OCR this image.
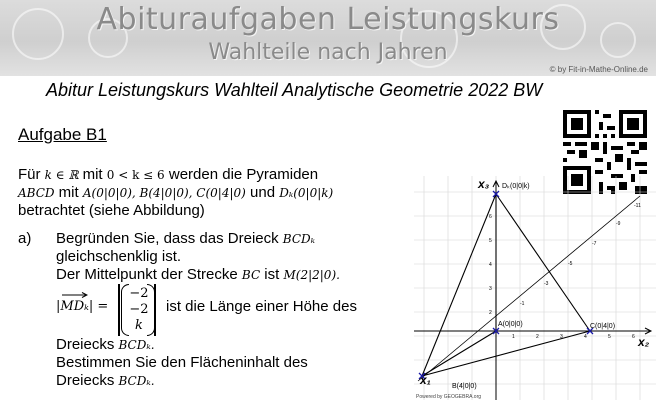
Abituraufgaben Leistungskurs
Wahlteile nach Jahren
© by Fit-in-Mathe-Online.de
Abitur Leistungskurs Wahlteil Analytische Geometrie 2022 BW
Aufgabe B1
Für k ∈ ℝ mit 0 < k ≤ 6 werden die Pyramiden
ABCD mit A(0|0|0), B(4|0|0), C(0|4|0) und Dₖ(0|0|k)
betrachtet (siehe Abbildung)
a) Begründen Sie, dass das Dreieck BCDₖ
gleichschenklig ist.
Der Mittelpunkt der Strecke BC ist M(2|2|0).
|MDₖ| =
−2
−2
k
ist die Länge einer Höhe des
Dreiecks BCDₖ.
Bestimmen Sie den Flächeninhalt des
Dreiecks BCDₖ.
6
5
4
3
2
1	2	3	4	5	6
-1
-3
-5
-7
-9
-11
x₃
x₂
x₁
Dₖ(0|0|k)
A(0|0|0)	C(0|4|0)
B(4|0|0)
Powered by GEOGEBRA.org
